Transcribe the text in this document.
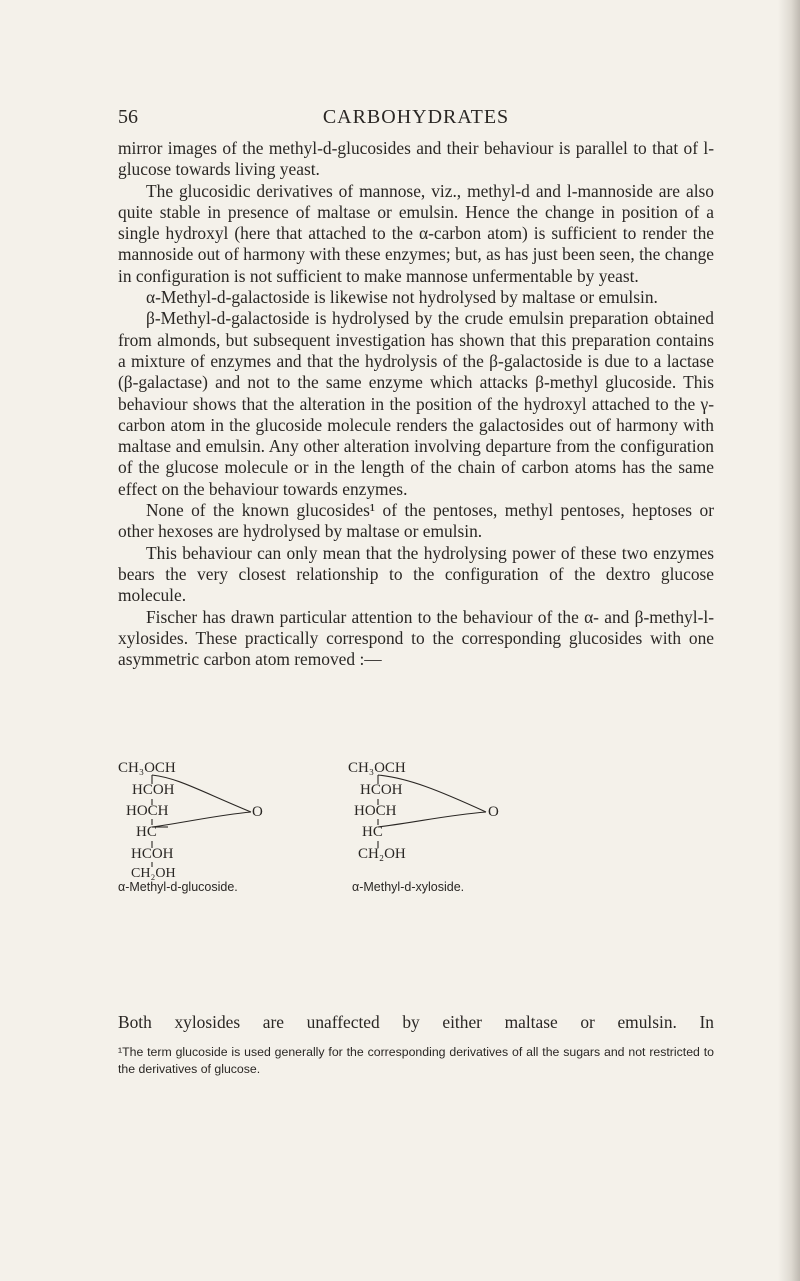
56	CARBOHYDRATES

mirror images of the methyl-d-glucosides and their behaviour is parallel to that of l-glucose towards living yeast.

The glucosidic derivatives of mannose, viz., methyl-d and l-mannoside are also quite stable in presence of maltase or emulsin. Hence the change in position of a single hydroxyl (here that attached to the α-carbon atom) is sufficient to render the mannoside out of harmony with these enzymes; but, as has just been seen, the change in configuration is not sufficient to make mannose unfermentable by yeast.

α-Methyl-d-galactoside is likewise not hydrolysed by maltase or emulsin.

β-Methyl-d-galactoside is hydrolysed by the crude emulsin preparation obtained from almonds, but subsequent investigation has shown that this preparation contains a mixture of enzymes and that the hydrolysis of the β-galactoside is due to a lactase (β-galactase) and not to the same enzyme which attacks β-methyl glucoside. This behaviour shows that the alteration in the position of the hydroxyl attached to the γ-carbon atom in the glucoside molecule renders the galactosides out of harmony with maltase and emulsin. Any other alteration involving departure from the configuration of the glucose molecule or in the length of the chain of carbon atoms has the same effect on the behaviour towards enzymes.

None of the known glucosides¹ of the pentoses, methyl pentoses, heptoses or other hexoses are hydrolysed by maltase or emulsin.

This behaviour can only mean that the hydrolysing power of these two enzymes bears the very closest relationship to the configuration of the dextro glucose molecule.

Fischer has drawn particular attention to the behaviour of the α- and β-methyl-l-xylosides. These practically correspond to the corresponding glucosides with one asymmetric carbon atom removed :—

CH₃OCH
HCOH
HOCH
HC
HCOH
CH₂OH
O
α-Methyl-d-glucoside.
CH₃OCH
HCOH
HOCH
HC
CH₂OH
O
α-Methyl-d-xyloside.
Both xylosides are unaffected by either maltase or emulsin. In
¹The term glucoside is used generally for the corresponding derivatives of all the sugars and not restricted to the derivatives of glucose.
